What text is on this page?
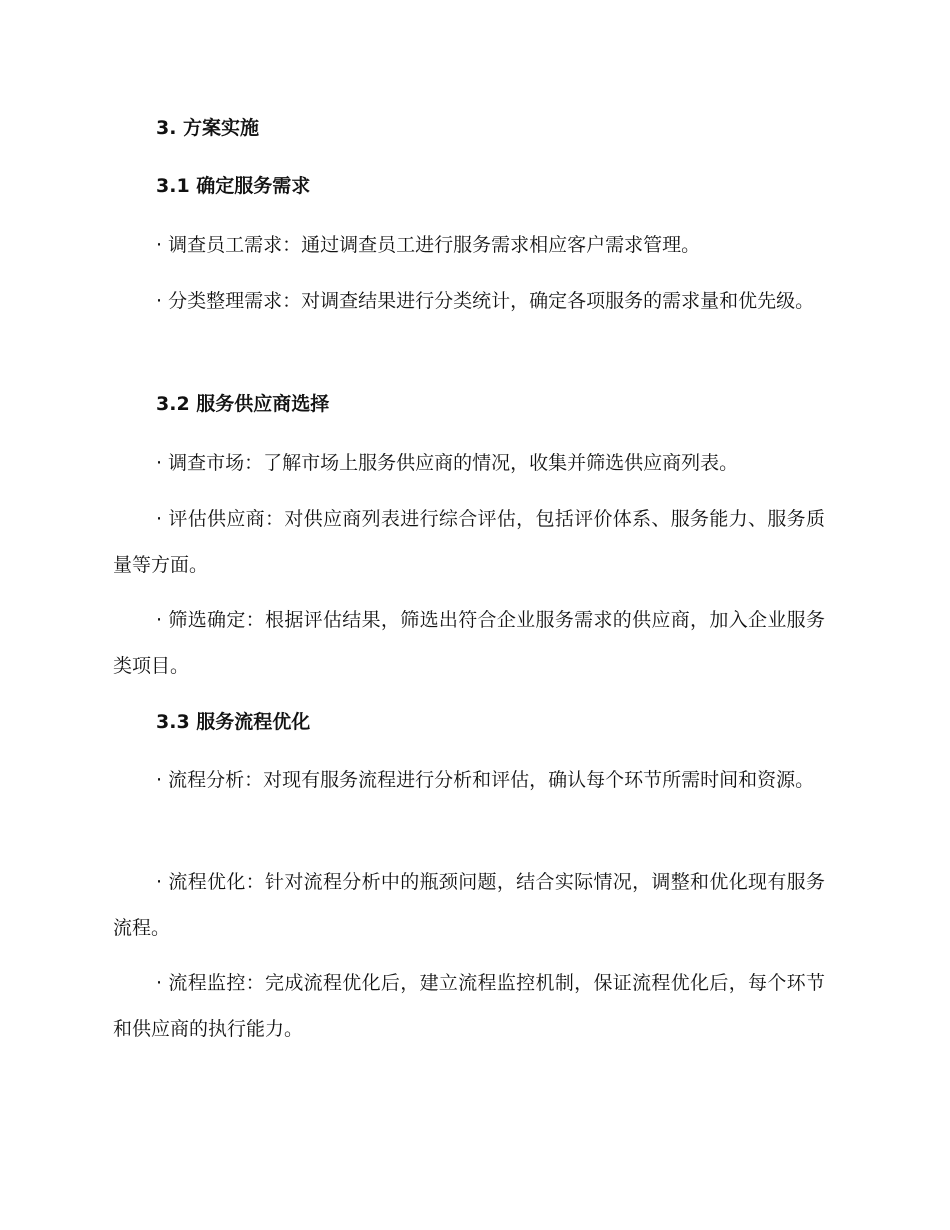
3. 方案实施
3.1 确定服务需求

· 调查员工需求：通过调查员工进行服务需求相应客户需求管理。

· 分类整理需求：对调查结果进行分类统计，确定各项服务的需求量和优先级。

3.2 服务供应商选择

· 调查市场：了解市场上服务供应商的情况，收集并筛选供应商列表。

· 评估供应商：对供应商列表进行综合评估，包括评价体系、服务能力、服务质量等方面。

· 筛选确定：根据评估结果，筛选出符合企业服务需求的供应商，加入企业服务类项目。

3.3 服务流程优化

· 流程分析：对现有服务流程进行分析和评估，确认每个环节所需时间和资源。

· 流程优化：针对流程分析中的瓶颈问题，结合实际情况，调整和优化现有服务流程。

· 流程监控：完成流程优化后，建立流程监控机制，保证流程优化后，每个环节和供应商的执行能力。
